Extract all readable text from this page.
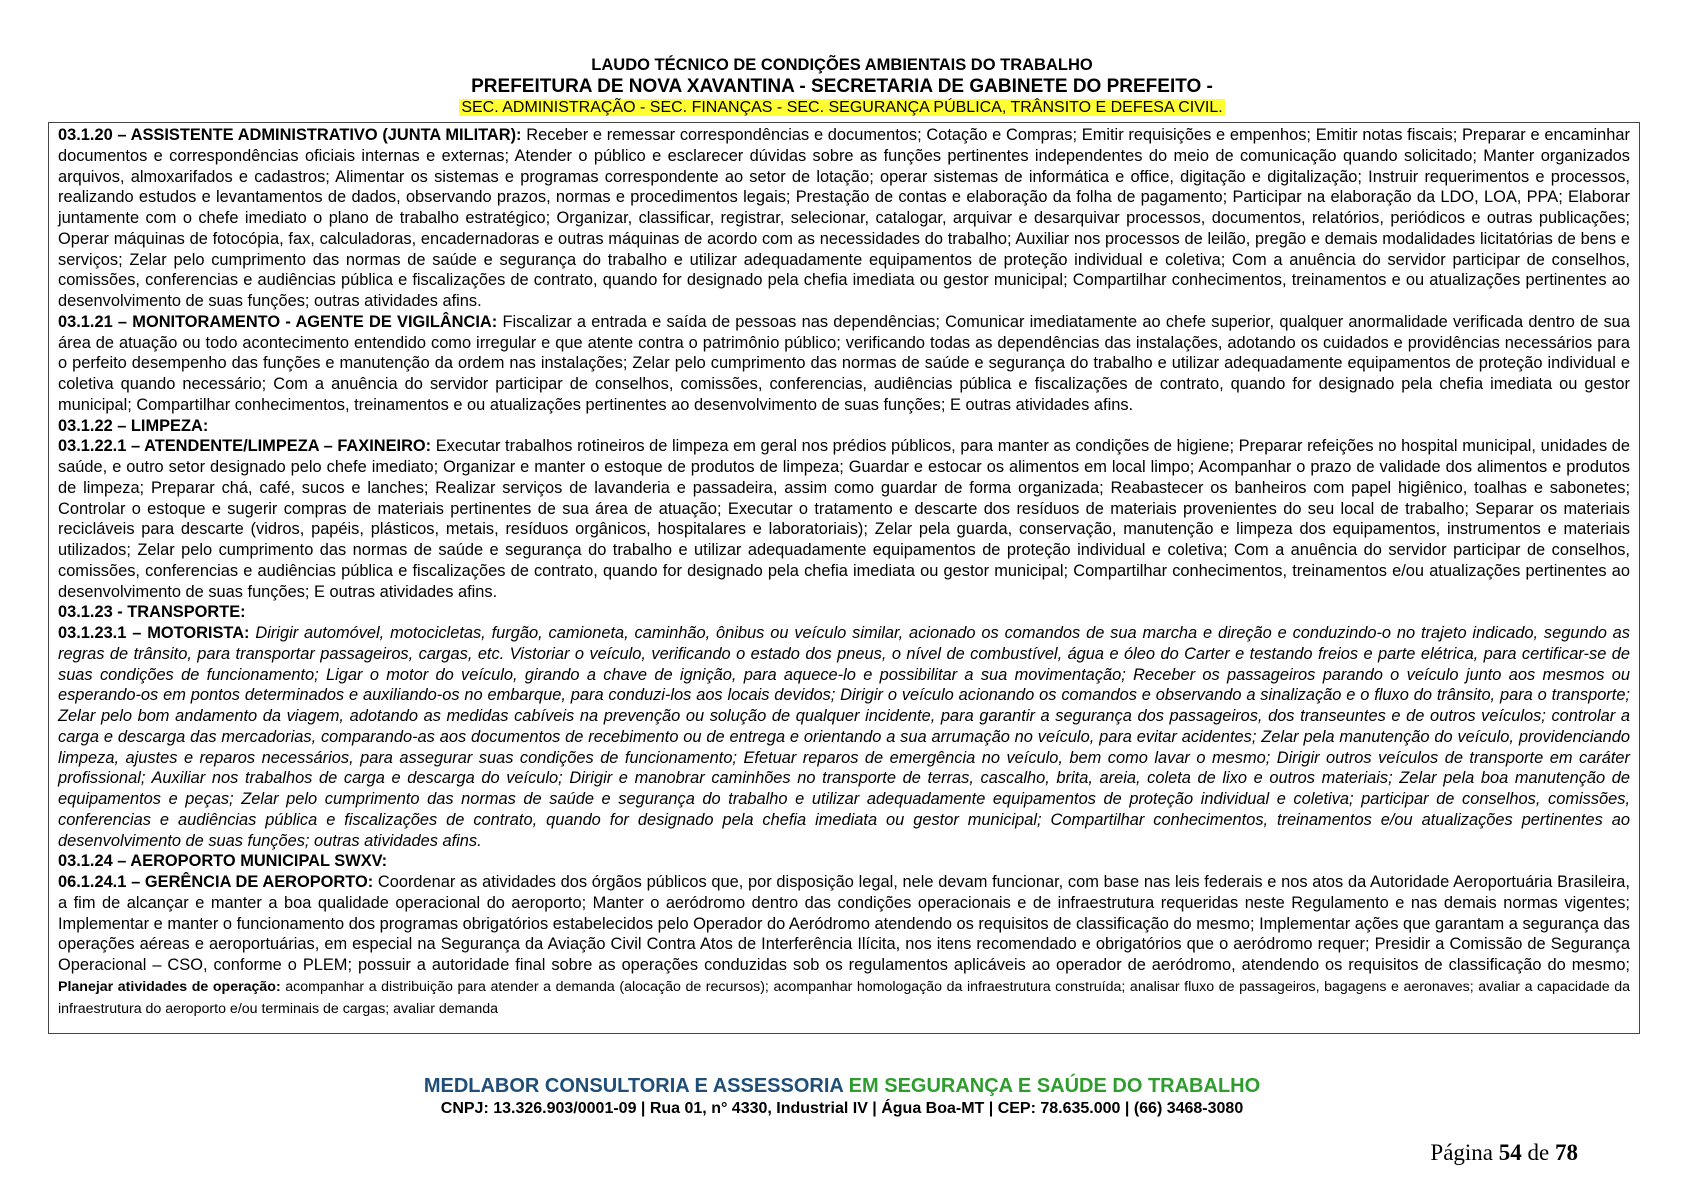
LAUDO TÉCNICO DE CONDIÇÕES AMBIENTAIS DO TRABALHO
PREFEITURA DE NOVA XAVANTINA - SECRETARIA DE GABINETE DO PREFEITO -
SEC. ADMINISTRAÇÃO - SEC. FINANÇAS - SEC. SEGURANÇA PÚBLICA, TRÂNSITO E DEFESA CIVIL.

03.1.20 – ASSISTENTE ADMINISTRATIVO (JUNTA MILITAR): Receber e remessar correspondências e documentos; Cotação e Compras; Emitir requisições e empenhos; Emitir notas fiscais; Preparar e encaminhar documentos e correspondências oficiais internas e externas; Atender o público e esclarecer dúvidas sobre as funções pertinentes independentes do meio de comunicação quando solicitado; Manter organizados arquivos, almoxarifados e cadastros; Alimentar os sistemas e programas correspondente ao setor de lotação; operar sistemas de informática e office, digitação e digitalização; Instruir requerimentos e processos, realizando estudos e levantamentos de dados, observando prazos, normas e procedimentos legais; Prestação de contas e elaboração da folha de pagamento; Participar na elaboração da LDO, LOA, PPA; Elaborar juntamente com o chefe imediato o plano de trabalho estratégico; Organizar, classificar, registrar, selecionar, catalogar, arquivar e desarquivar processos, documentos, relatórios, periódicos e outras publicações; Operar máquinas de fotocópia, fax, calculadoras, encadernadoras e outras máquinas de acordo com as necessidades do trabalho; Auxiliar nos processos de leilão, pregão e demais modalidades licitatórias de bens e serviços; Zelar pelo cumprimento das normas de saúde e segurança do trabalho e utilizar adequadamente equipamentos de proteção individual e coletiva; Com a anuência do servidor participar de conselhos, comissões, conferencias e audiências pública e fiscalizações de contrato, quando for designado pela chefia imediata ou gestor municipal; Compartilhar conhecimentos, treinamentos e ou atualizações pertinentes ao desenvolvimento de suas funções; outras atividades afins.

03.1.21 – MONITORAMENTO - AGENTE DE VIGILÂNCIA: Fiscalizar a entrada e saída de pessoas nas dependências; Comunicar imediatamente ao chefe superior, qualquer anormalidade verificada dentro de sua área de atuação ou todo acontecimento entendido como irregular e que atente contra o patrimônio público; verificando todas as dependências das instalações, adotando os cuidados e providências necessários para o perfeito desempenho das funções e manutenção da ordem nas instalações; Zelar pelo cumprimento das normas de saúde e segurança do trabalho e utilizar adequadamente equipamentos de proteção individual e coletiva quando necessário; Com a anuência do servidor participar de conselhos, comissões, conferencias, audiências pública e fiscalizações de contrato, quando for designado pela chefia imediata ou gestor municipal; Compartilhar conhecimentos, treinamentos e ou atualizações pertinentes ao desenvolvimento de suas funções; E outras atividades afins.

03.1.22 – LIMPEZA:

03.1.22.1 – ATENDENTE/LIMPEZA – FAXINEIRO: Executar trabalhos rotineiros de limpeza em geral nos prédios públicos, para manter as condições de higiene; Preparar refeições no hospital municipal, unidades de saúde, e outro setor designado pelo chefe imediato; Organizar e manter o estoque de produtos de limpeza; Guardar e estocar os alimentos em local limpo; Acompanhar o prazo de validade dos alimentos e produtos de limpeza; Preparar chá, café, sucos e lanches; Realizar serviços de lavanderia e passadeira, assim como guardar de forma organizada; Reabastecer os banheiros com papel higiênico, toalhas e sabonetes; Controlar o estoque e sugerir compras de materiais pertinentes de sua área de atuação; Executar o tratamento e descarte dos resíduos de materiais provenientes do seu local de trabalho; Separar os materiais recicláveis para descarte (vidros, papéis, plásticos, metais, resíduos orgânicos, hospitalares e laboratoriais); Zelar pela guarda, conservação, manutenção e limpeza dos equipamentos, instrumentos e materiais utilizados; Zelar pelo cumprimento das normas de saúde e segurança do trabalho e utilizar adequadamente equipamentos de proteção individual e coletiva; Com a anuência do servidor participar de conselhos, comissões, conferencias e audiências pública e fiscalizações de contrato, quando for designado pela chefia imediata ou gestor municipal; Compartilhar conhecimentos, treinamentos e/ou atualizações pertinentes ao desenvolvimento de suas funções; E outras atividades afins.

03.1.23 - TRANSPORTE:

03.1.23.1 – MOTORISTA: Dirigir automóvel, motocicletas, furgão, camioneta, caminhão, ônibus ou veículo similar, acionado os comandos de sua marcha e direção e conduzindo-o no trajeto indicado, segundo as regras de trânsito, para transportar passageiros, cargas, etc. Vistoriar o veículo, verificando o estado dos pneus, o nível de combustível, água e óleo do Carter e testando freios e parte elétrica, para certificar-se de suas condições de funcionamento; Ligar o motor do veículo, girando a chave de ignição, para aquece-lo e possibilitar a sua movimentação; Receber os passageiros parando o veículo junto aos mesmos ou esperando-os em pontos determinados e auxiliando-os no embarque, para conduzi-los aos locais devidos; Dirigir o veículo acionando os comandos e observando a sinalização e o fluxo do trânsito, para o transporte; Zelar pelo bom andamento da viagem, adotando as medidas cabíveis na prevenção ou solução de qualquer incidente, para garantir a segurança dos passageiros, dos transeuntes e de outros veículos; controlar a carga e descarga das mercadorias, comparando-as aos documentos de recebimento ou de entrega e orientando a sua arrumação no veículo, para evitar acidentes; Zelar pela manutenção do veículo, providenciando limpeza, ajustes e reparos necessários, para assegurar suas condições de funcionamento; Efetuar reparos de emergência no veículo, bem como lavar o mesmo; Dirigir outros veículos de transporte em caráter profissional; Auxiliar nos trabalhos de carga e descarga do veículo; Dirigir e manobrar caminhões no transporte de terras, cascalho, brita, areia, coleta de lixo e outros materiais; Zelar pela boa manutenção de equipamentos e peças; Zelar pelo cumprimento das normas de saúde e segurança do trabalho e utilizar adequadamente equipamentos de proteção individual e coletiva; participar de conselhos, comissões, conferencias e audiências pública e fiscalizações de contrato, quando for designado pela chefia imediata ou gestor municipal; Compartilhar conhecimentos, treinamentos e/ou atualizações pertinentes ao desenvolvimento de suas funções; outras atividades afins.

03.1.24 – AEROPORTO MUNICIPAL SWXV:

06.1.24.1 – GERÊNCIA DE AEROPORTO: Coordenar as atividades dos órgãos públicos que, por disposição legal, nele devam funcionar, com base nas leis federais e nos atos da Autoridade Aeroportuária Brasileira, a fim de alcançar e manter a boa qualidade operacional do aeroporto; Manter o aeródromo dentro das condições operacionais e de infraestrutura requeridas neste Regulamento e nas demais normas vigentes; Implementar e manter o funcionamento dos programas obrigatórios estabelecidos pelo Operador do Aeródromo atendendo os requisitos de classificação do mesmo; Implementar ações que garantam a segurança das operações aéreas e aeroportuárias, em especial na Segurança da Aviação Civil Contra Atos de Interferência Ilícita, nos itens recomendado e obrigatórios que o aeródromo requer; Presidir a Comissão de Segurança Operacional – CSO, conforme o PLEM; possuir a autoridade final sobre as operações conduzidas sob os regulamentos aplicáveis ao operador de aeródromo, atendendo os requisitos de classificação do mesmo; Planejar atividades de operação: acompanhar a distribuição para atender a demanda (alocação de recursos); acompanhar homologação da infraestrutura construída; analisar fluxo de passageiros, bagagens e aeronaves; avaliar a capacidade da infraestrutura do aeroporto e/ou terminais de cargas; avaliar demanda

MEDLABOR CONSULTORIA E ASSESSORIA EM SEGURANÇA E SAÚDE DO TRABALHO
CNPJ: 13.326.903/0001-09 | Rua 01, n° 4330, Industrial IV | Água Boa-MT | CEP: 78.635.000 | (66) 3468-3080
Página 54 de 78
